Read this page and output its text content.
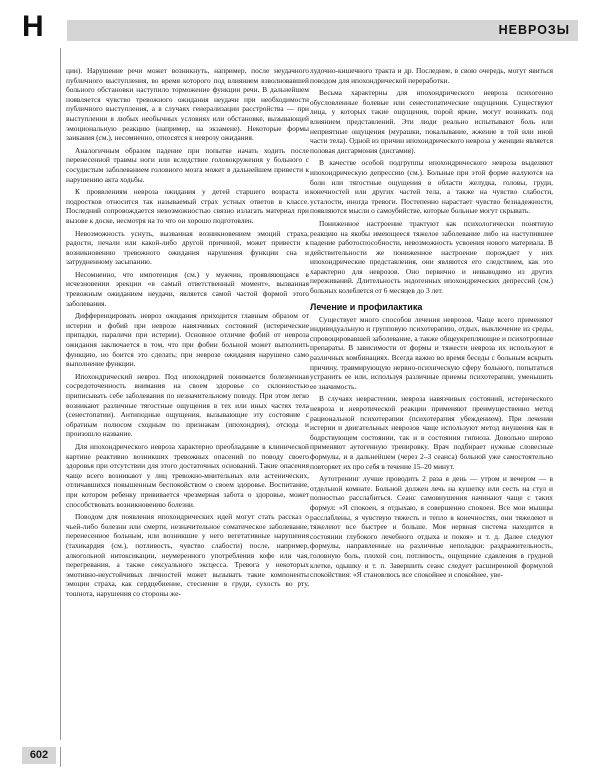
Н	НЕВРОЗЫ

ции). Нарушение речи может возникнуть, например, после неудачного публичного выступления, во время которого под влиянием взволновавшей больного обстановки наступило торможение функции речи. В дальнейшем появляется чувство тревожного ожидания неудачи при необходимости публичного выступления, а в случаях генерализации расстройства — при выступлении в любых необычных условиях или обстановке, вызывающей эмоциональную реакцию (например, на экзамене). Некоторые формы заикания (см.), несомненно, относятся к неврозу ожидания.

Аналогичным образом падение при попытке начать ходить после перенесенной травмы ноги или вследствие головокружения у больного с сосудистым заболеванием головного мозга может в дальнейшем привести к нарушению акта ходьбы.

К проявлениям невроза ожидания у детей старшего возраста и подростков относится так называемый страх устных ответов в классе. Последний сопровождается невозможностью связно излагать материал при вызове к доске, несмотря на то что он хорошо подготовлен.

Невозможность уснуть, вызванная возникновением эмоций страха, радости, печали или какой-либо другой причиной, может привести к возникновению тревожного ожидания нарушения функции сна и затрудненному засыпанию.

Несомненно, что импотенция (см.) у мужчин, проявляющаяся в исчезновении эрекции «в самый ответственный момент», вызванная тревожным ожиданием неудачи, является самой частой формой этого заболевания.

Дифференцировать невроз ожидания приходится главным образом от истерии и фобий при неврозе навязчивых состояний (истерические припадки, параличи при истерии). Основное отличие фобий от невроза ожидания заключается в том, что при фобии больной может выполнить функцию, но боится это сделать; при неврозе ожидания нарушено само выполнение функции.

Ипохондрический невроз. Под ипохондрией понимается болезненная сосредоточенность внимания на своем здоровье со склонностью приписывать себе заболевания по незначительному поводу. При этом легко возникают различные тягостные ощущения в тех или иных частях тела (сенестопатии). Антиподные ощущения, вызывающие эту состояние с обратным полюсом сходным по признакам (ипохондрия), отсюда и произошло название.

Для ипохондрического невроза характерно преобладание в клинической картине реактивно возникших тревожных опасений по поводу своего здоровья при отсутствии для этого достаточных оснований. Такие опасения чаще всего возникают у лиц тревожно-мнительных или астенических, отличавшихся повышенным беспокойством о своем здоровье. Воспитание, при котором ребенку прививается чрезмерная забота о здоровье, может способствовать возникновению болезни.

Поводом для появления ипохондрических идей могут стать рассказ о чьей-либо болезни или смерти, незначительное соматическое заболевание, перенесенное больным, или возникшие у него вегетативные нарушения (тахикардия (см.), потливость, чувство слабости) после, например, алкогольной интоксикации, неумеренного употребления кофе или чая, перегревания, а также сексуального эксцесса. Тревога у некоторых эмотивно-неустойчивых личностей может вызывать такие компоненты эмоции страха, как сердцебиение, стеснение в груди, сухость во рту, тошнота, нарушения со стороны же-

лудочно-кишечного тракта и др. Последние, в свою очередь, могут явиться поводом для ипохондрической переработки.

Весьма характерны для ипохондрического невроза психогенно обусловленные болевые или сенестопатические ощущения. Существуют лица, у которых такие ощущения, порой яркие, могут возникать под влиянием представлений. Эти люди реально испытывают боль или неприятные ощущения (мурашки, покалывание, жжение в той или иной части тела). Одной из причин ипохондрического невроза у женщин является половая дисгармония (дисгамия).

В качестве особой подгруппы ипохондрического невроза выделяют ипохондрическую депрессию (см.). Больные при этой форме жалуются на боли или тягостные ощущения в области желудка, головы, груди, конечностей или других частей тела, а также на чувство слабости, усталости, иногда тревоги. Постепенно нарастает чувство безнадежности, появляются мысли о самоубийстве, которые больные могут скрывать.

Пониженное настроение трактуют как психологически понятную реакцию на якобы имеющееся тяжелое заболевание либо на наступившее падение работоспособности, невозможность усвоения нового материала. В действительности же пониженное настроение порождает у них ипохондрические представления, они являются его следствием, как это характерно для неврозов. Оно первично и невыводимо из других переживаний. Длительность эндогенных ипохондрических депрессий (см.) больных колеблется от 6 месяцев до 3 лет.

Лечение и профилактика

Существует много способов лечения неврозов. Чаще всего применяют индивидуальную и групповую психотерапию, отдых, выключение из среды, спровоцировавшей заболевание, а также общеукрепляющие и психотропные препараты. В зависимости от формы и тяжести невроза их используют в различных комбинациях. Всегда важно во время беседы с больным вскрыть причину, травмирующую нервно-психическую сферу больного, попытаться устранить ее или, используя различные приемы психотерапии, уменьшить ее значимость.

В случаях неврастении, невроза навязчивых состояний, истерического невроза и невротической реакции применяют преимущественно метод рациональной психотерапии (психотерапия убеждением). При лечении истерии и двигательных неврозов чаще используют метод внушения как в бодрствующем состоянии, так и в состоянии гипноза. Довольно широко применяют аутогенную тренировку. Врач подбирает нужные словесные формулы, и в дальнейшем (через 2–3 сеанса) больной уже самостоятельно повторяет их про себя в течение 15–20 минут.

Аутотренинг лучше проводить 2 раза в день — утром и вечером — в отдельной комнате. Больной должен лечь на кушетку или сесть на стул и полностью расслабиться. Сеанс самовнушения начинают чаще с таких формул: «Я спокоен, я отдыхаю, я совершенно спокоен. Все мои мышцы расслаблены, я чувствую тяжесть и тепло в конечностях, они тяжелеют и тяжелеют все быстрее и больше. Моя нервная система находится в состоянии глубокого лечебного отдыха и покоя» и т. д. Далее следуют формулы, направленные на различные неполадки: раздражительность, головную боль, плохой сон, потливость, ощущение сдавления в грудной клетке, одышку и т. п. Завершить сеанс следует расширенной формулой спокойствия: «Я становлюсь все спокойнее и спокойнее, уве-

602
